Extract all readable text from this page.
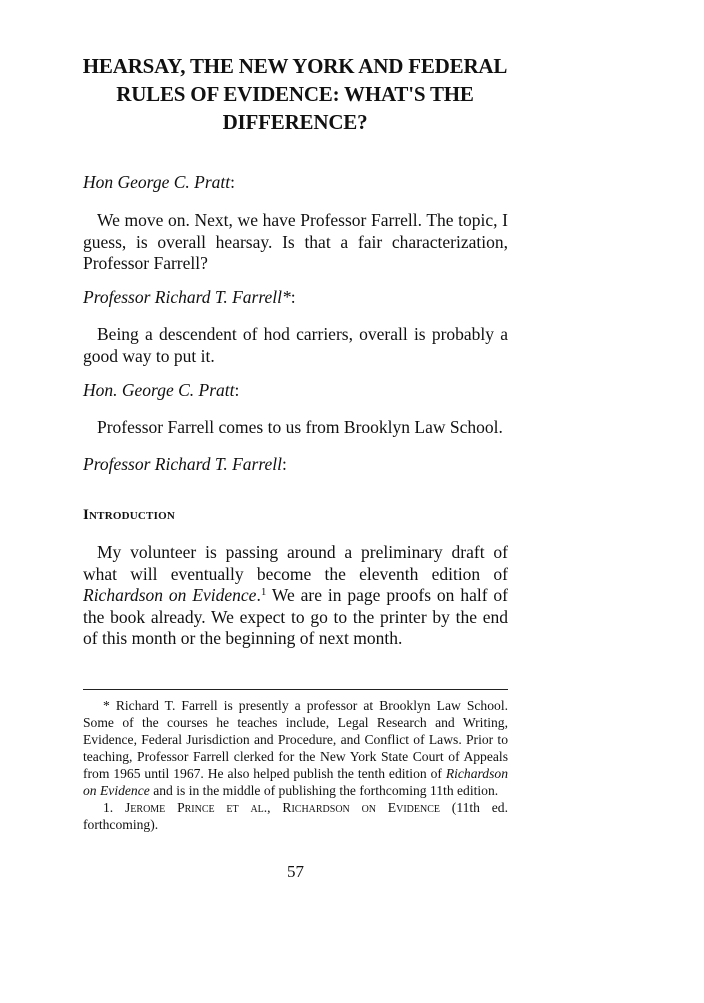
HEARSAY, THE NEW YORK AND FEDERAL
RULES OF EVIDENCE: WHAT'S THE
DIFFERENCE?

Hon George C. Pratt:

We move on. Next, we have Professor Farrell. The topic, I guess, is overall hearsay. Is that a fair characterization, Professor Farrell?

Professor Richard T. Farrell*:

Being a descendent of hod carriers, overall is probably a good way to put it.

Hon. George C. Pratt:

Professor Farrell comes to us from Brooklyn Law School.

Professor Richard T. Farrell:

Introduction

My volunteer is passing around a preliminary draft of what will eventually become the eleventh edition of Richardson on Evidence.$^1$ We are in page proofs on half of the book already. We expect to go to the printer by the end of this month or the beginning of next month.

* Richard T. Farrell is presently a professor at Brooklyn Law School. Some of the courses he teaches include, Legal Research and Writing, Evidence, Federal Jurisdiction and Procedure, and Conflict of Laws. Prior to teaching, Professor Farrell clerked for the New York State Court of Appeals from 1965 until 1967. He also helped publish the tenth edition of Richardson on Evidence and is in the middle of publishing the forthcoming 11th edition.

1. Jerome Prince et al., Richardson on Evidence (11th ed. forthcoming).

57
